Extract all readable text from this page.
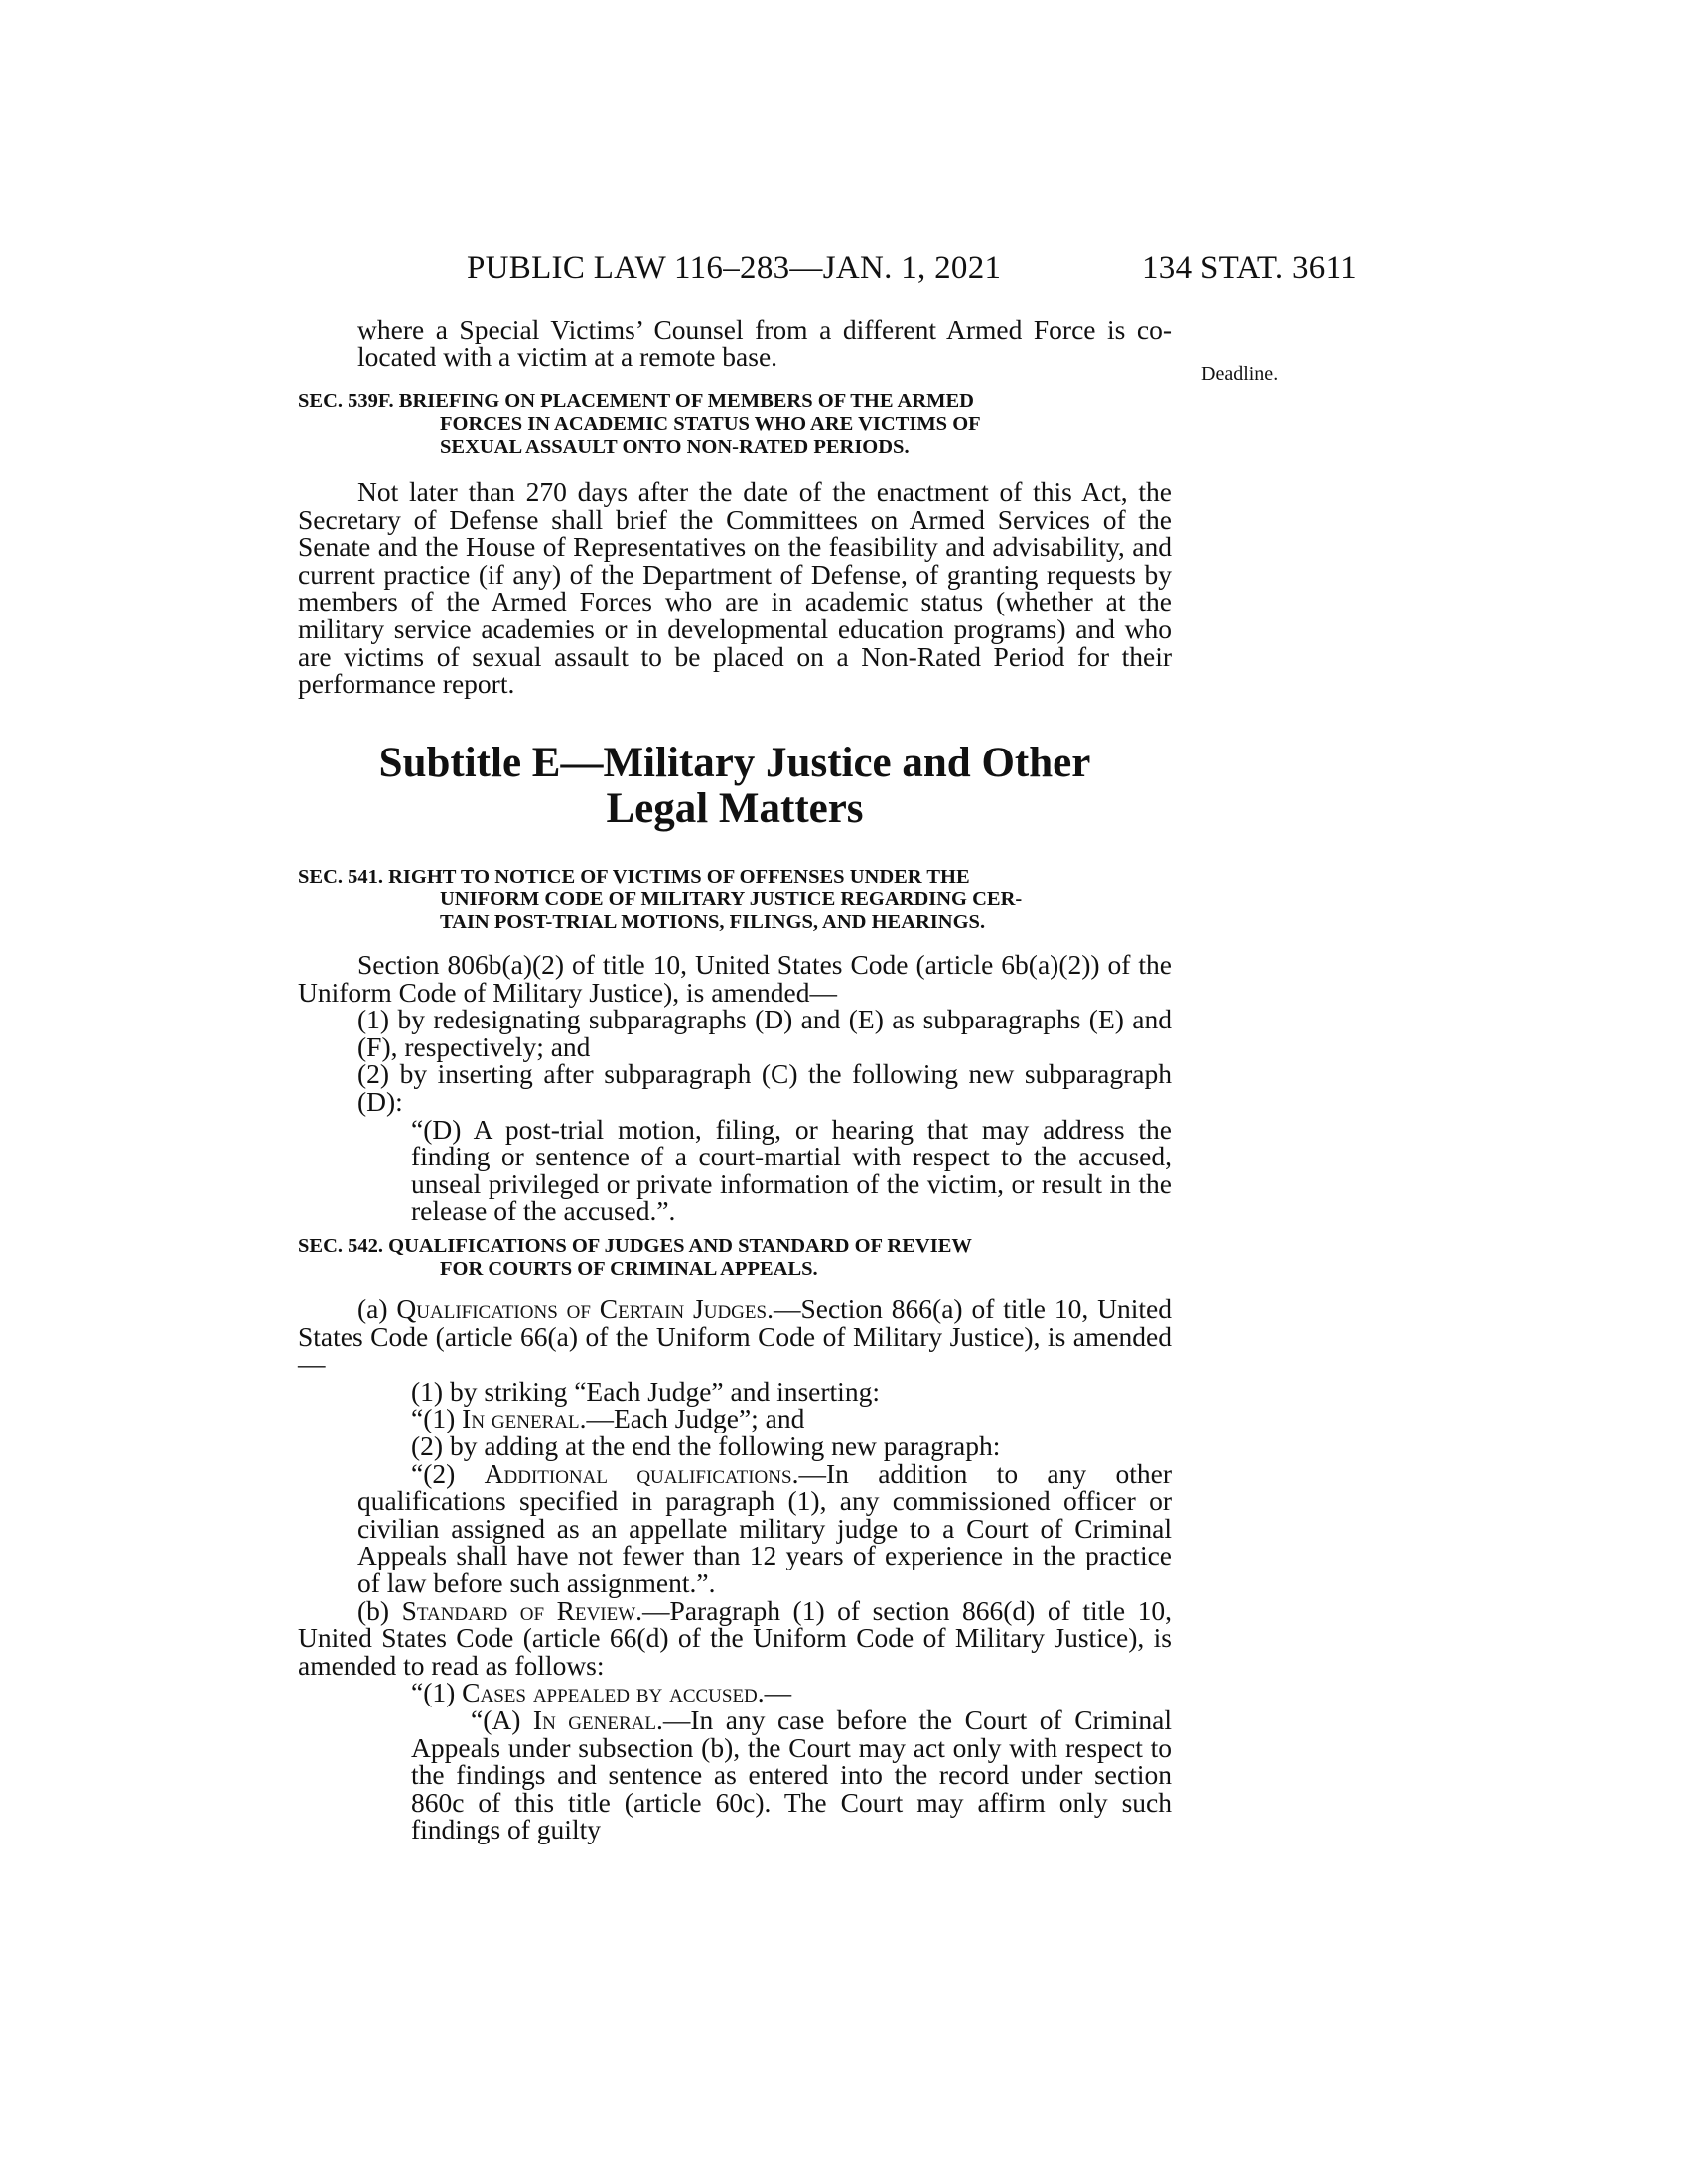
PUBLIC LAW 116–283—JAN. 1, 2021	134 STAT. 3611

where a Special Victims’ Counsel from a different Armed Force is co-located with a victim at a remote base.

SEC. 539F. BRIEFING ON PLACEMENT OF MEMBERS OF THE ARMED
FORCES IN ACADEMIC STATUS WHO ARE VICTIMS OF
SEXUAL ASSAULT ONTO NON-RATED PERIODS.

Not later than 270 days after the date of the enactment of this Act, the Secretary of Defense shall brief the Committees on Armed Services of the Senate and the House of Representatives on the feasibility and advisability, and current practice (if any) of the Department of Defense, of granting requests by members of the Armed Forces who are in academic status (whether at the military service academies or in developmental education programs) and who are victims of sexual assault to be placed on a Non-Rated Period for their performance report.

Deadline.
Subtitle E—Military Justice and Other
Legal Matters
SEC. 541. RIGHT TO NOTICE OF VICTIMS OF OFFENSES UNDER THE
UNIFORM CODE OF MILITARY JUSTICE REGARDING CER-
TAIN POST-TRIAL MOTIONS, FILINGS, AND HEARINGS.

Section 806b(a)(2) of title 10, United States Code (article 6b(a)(2)) of the Uniform Code of Military Justice), is amended—

(1) by redesignating subparagraphs (D) and (E) as subparagraphs (E) and (F), respectively; and

(2) by inserting after subparagraph (C) the following new subparagraph (D):

“(D) A post-trial motion, filing, or hearing that may address the finding or sentence of a court-martial with respect to the accused, unseal privileged or private information of the victim, or result in the release of the accused.”.

SEC. 542. QUALIFICATIONS OF JUDGES AND STANDARD OF REVIEW
FOR COURTS OF CRIMINAL APPEALS.

(a) Qualifications of Certain Judges.—Section 866(a) of title 10, United States Code (article 66(a) of the Uniform Code of Military Justice), is amended—

(1) by striking “Each Judge” and inserting:

“(1) In general.—Each Judge”; and

(2) by adding at the end the following new paragraph:

“(2) Additional qualifications.—In addition to any other qualifications specified in paragraph (1), any commissioned officer or civilian assigned as an appellate military judge to a Court of Criminal Appeals shall have not fewer than 12 years of experience in the practice of law before such assignment.”.

(b) Standard of Review.—Paragraph (1) of section 866(d) of title 10, United States Code (article 66(d) of the Uniform Code of Military Justice), is amended to read as follows:

“(1) Cases appealed by accused.—

“(A) In general.—In any case before the Court of Criminal Appeals under subsection (b), the Court may act only with respect to the findings and sentence as entered into the record under section 860c of this title (article 60c). The Court may affirm only such findings of guilty
